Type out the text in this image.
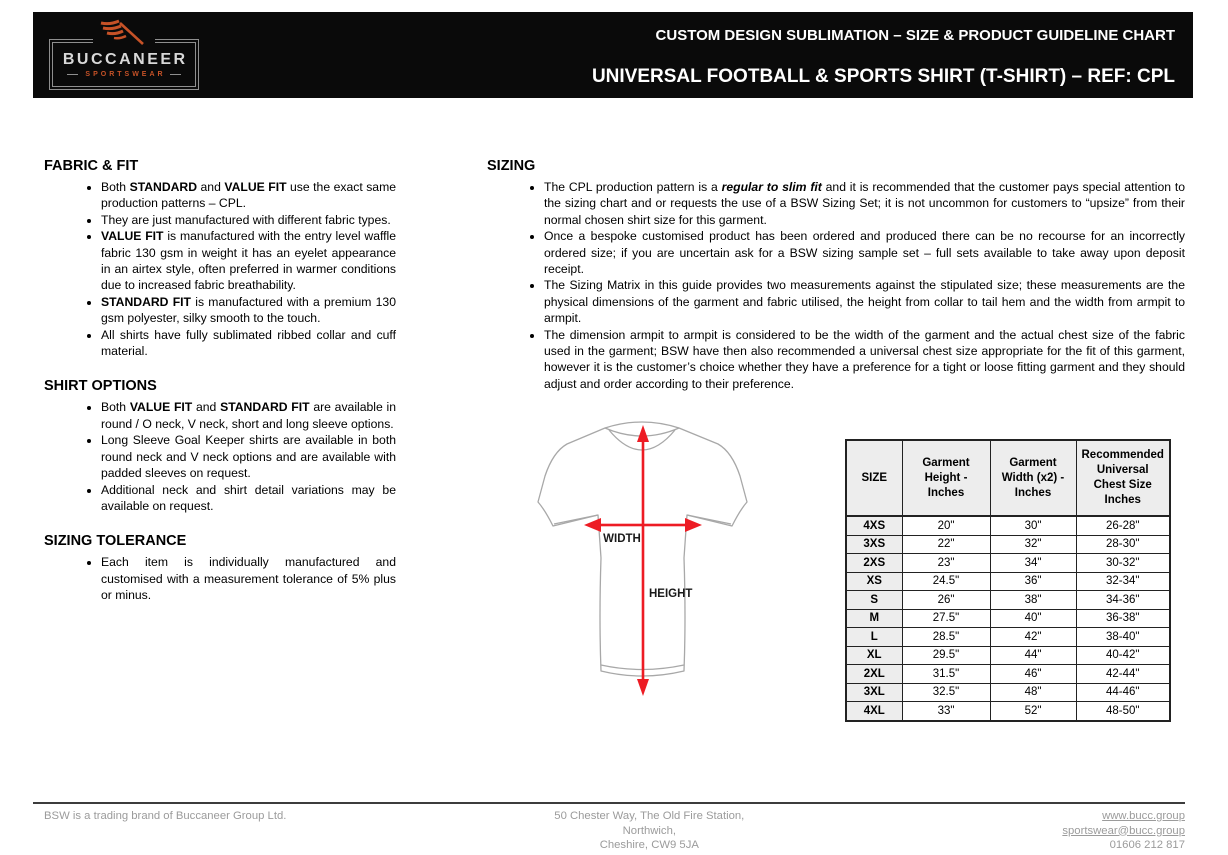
BUCCANEER
SPORTSWEAR
CUSTOM DESIGN SUBLIMATION – SIZE & PRODUCT GUIDELINE CHART
UNIVERSAL FOOTBALL & SPORTS SHIRT (T-SHIRT) – REF: CPL
FABRIC & FIT
• Both STANDARD and VALUE FIT use the exact same production patterns – CPL.
• They are just manufactured with different fabric types.
• VALUE FIT is manufactured with the entry level waffle fabric 130 gsm in weight it has an eyelet appearance in an airtex style, often preferred in warmer conditions due to increased fabric breathability.
• STANDARD FIT is manufactured with a premium 130 gsm polyester, silky smooth to the touch.
• All shirts have fully sublimated ribbed collar and cuff material.
SHIRT OPTIONS
• Both VALUE FIT and STANDARD FIT are available in round / O neck, V neck, short and long sleeve options.
• Long Sleeve Goal Keeper shirts are available in both round neck and V neck options and are available with padded sleeves on request.
• Additional neck and shirt detail variations may be available on request.
SIZING TOLERANCE
• Each item is individually manufactured and customised with a measurement tolerance of 5% plus or minus.
SIZING
• The CPL production pattern is a regular to slim fit and it is recommended that the customer pays special attention to the sizing chart and or requests the use of a BSW Sizing Set; it is not uncommon for customers to “upsize” from their normal chosen shirt size for this garment.
• Once a bespoke customised product has been ordered and produced there can be no recourse for an incorrectly ordered size; if you are uncertain ask for a BSW sizing sample set – full sets available to take away upon deposit receipt.
• The Sizing Matrix in this guide provides two measurements against the stipulated size; these measurements are the physical dimensions of the garment and fabric utilised, the height from collar to tail hem and the width from armpit to armpit.
• The dimension armpit to armpit is considered to be the width of the garment and the actual chest size of the fabric used in the garment; BSW have then also recommended a universal chest size appropriate for the fit of this garment, however it is the customer’s choice whether they have a preference for a tight or loose fitting garment and they should adjust and order according to their preference.
WIDTH
HEIGHT
SIZE	Garment Height - Inches	Garment Width (x2) - Inches	Recommended Universal Chest Size Inches
4XS	20"	30"	26-28"
3XS	22"	32"	28-30"
2XS	23"	34"	30-32"
XS	24.5"	36"	32-34"
S	26"	38"	34-36"
M	27.5"	40"	36-38"
L	28.5"	42"	38-40"
XL	29.5"	44"	40-42"
2XL	31.5"	46"	42-44"
3XL	32.5"	48"	44-46"
4XL	33"	52"	48-50"
BSW is a trading brand of Buccaneer Group Ltd.	50 Chester Way, The Old Fire Station,
Northwich,
Cheshire, CW9 5JA
www.bucc.group
sportswear@bucc.group
01606 212 817
